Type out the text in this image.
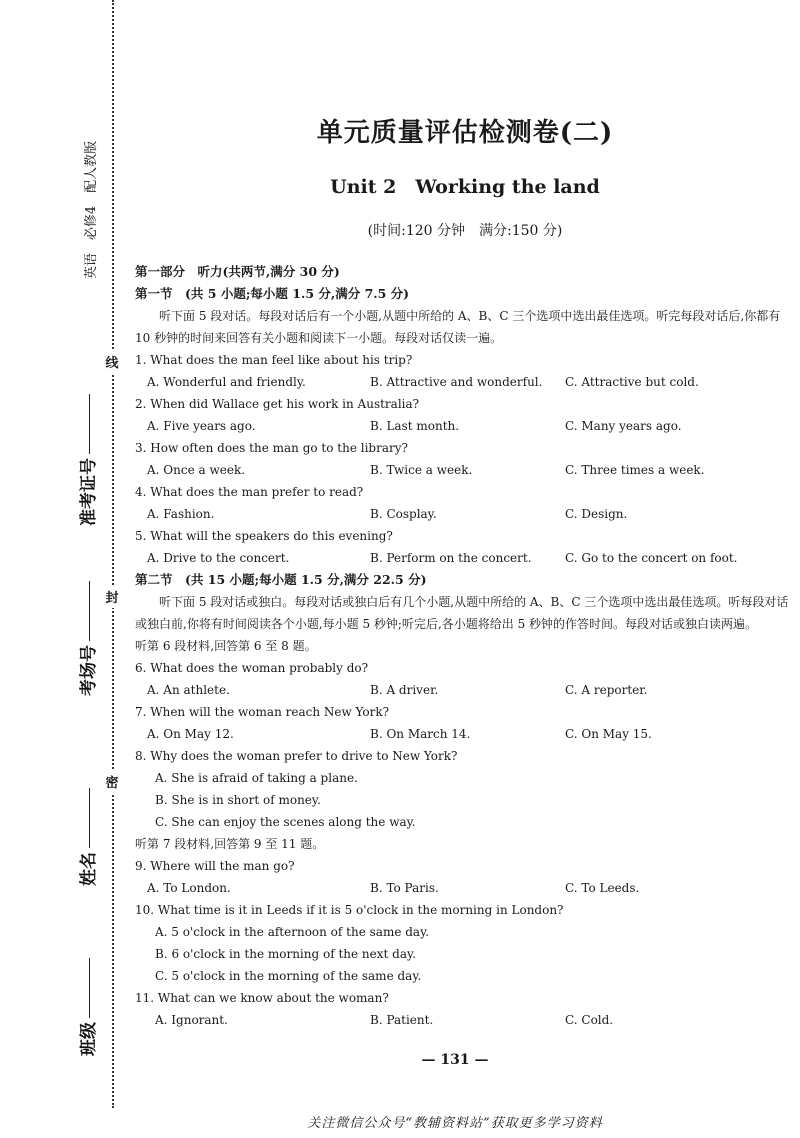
英语　必修4　配人教版
准考证号
考场号
姓名
班级
线
封
密
单元质量评估检测卷(二)
Unit 2　Working the land
(时间:120 分钟　满分:150 分)
第一部分　听力(共两节,满分 30 分)
第一节　(共 5 小题;每小题 1.5 分,满分 7.5 分)
听下面 5 段对话。每段对话后有一个小题,从题中所给的 A、B、C 三个选项中选出最佳选项。听完每段对话后,你都有 10 秒钟的时间来回答有关小题和阅读下一小题。每段对话仅读一遍。
1. What does the man feel like about his trip?
A. Wonderful and friendly.	B. Attractive and wonderful. C. Attractive but cold.
2. When did Wallace get his work in Australia?
A. Five years ago.	B. Last month.	C. Many years ago.
3. How often does the man go to the library?
A. Once a week.	B. Twice a week.	C. Three times a week.
4. What does the man prefer to read?
A. Fashion.	B. Cosplay.	C. Design.
5. What will the speakers do this evening?
A. Drive to the concert.	B. Perform on the concert.	C. Go to the concert on foot.
第二节　(共 15 小题;每小题 1.5 分,满分 22.5 分)
听下面 5 段对话或独白。每段对话或独白后有几个小题,从题中所给的 A、B、C 三个选项中选出最佳选项。听每段对话或独白前,你将有时间阅读各个小题,每小题 5 秒钟;听完后,各小题将给出 5 秒钟的作答时间。每段对话或独白读两遍。
听第 6 段材料,回答第 6 至 8 题。
6. What does the woman probably do?
A. An athlete.	B. A driver.	C. A reporter.
7. When will the woman reach New York?
A. On May 12.	B. On March 14.	C. On May 15.
8. Why does the woman prefer to drive to New York?
A. She is afraid of taking a plane.
B. She is in short of money.
C. She can enjoy the scenes along the way.
听第 7 段材料,回答第 9 至 11 题。
9. Where will the man go?
A. To London.	B. To Paris.	C. To Leeds.
10. What time is it in Leeds if it is 5 o'clock in the morning in London?
A. 5 o'clock in the afternoon of the same day.
B. 6 o'clock in the morning of the next day.
C. 5 o'clock in the morning of the same day.
11. What can we know about the woman?
A. Ignorant.	B. Patient.	C. Cold.
— 131 —
关注微信公众号“教辅资料站”获取更多学习资料
